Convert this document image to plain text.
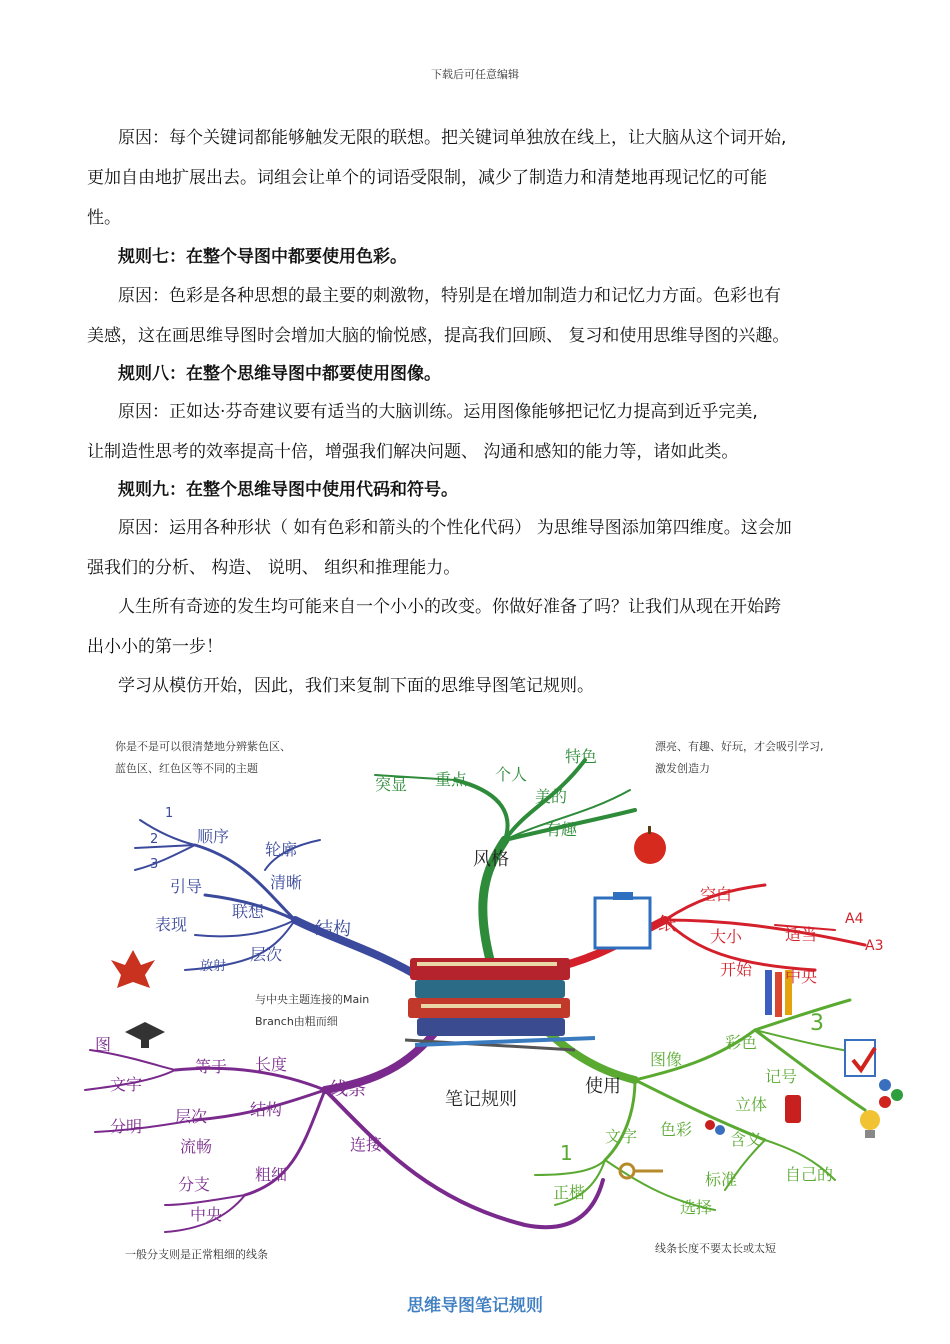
下载后可任意编辑
原因：每个关键词都能够触发无限的联想。把关键词单独放在线上，让大脑从这个词开始,
更加自由地扩展出去。词组会让单个的词语受限制，减少了制造力和清楚地再现记忆的可能
性。
规则七：在整个导图中都要使用色彩。
原因：色彩是各种思想的最主要的刺激物，特别是在增加制造力和记忆力方面。色彩也有
美感，这在画思维导图时会增加大脑的愉悦感，提高我们回顾、 复习和使用思维导图的兴趣。
规则八：在整个思维导图中都要使用图像。
原因：正如达·芬奇建议要有适当的大脑训练。运用图像能够把记忆力提高到近乎完美,
让制造性思考的效率提高十倍，增强我们解决问题、 沟通和感知的能力等，诸如此类。
规则九：在整个思维导图中使用代码和符号。
原因：运用各种形状（ 如有色彩和箭头的个性化代码） 为思维导图添加第四维度。这会加
强我们的分析、 构造、 说明、 组织和推理能力。
人生所有奇迹的发生均可能来自一个小小的改变。你做好准备了吗？让我们从现在开始跨
出小小的第一步！
学习从模仿开始，因此，我们来复制下面的思维导图笔记规则。
笔记规则
你是不是可以很清楚地分辨紫色区、
蓝色区、红色区等不同的主题
漂亮、有趣、好玩，才会吸引学习,
激发创造力
与中央主题连接的Main
Branch由粗而细
一般分支则是正常粗细的线条	线条长度不要太长或太短
风格
突显 重点 个人
特色
美的
有趣
结构
1
2
3
顺序
轮廓
清晰
引导
联想
表现
放射
层次
纸
空白
大小	适当
A4
A3
开始 中央
线条
图
文字
等于 长度
分明
层次	结构
流畅
分支
粗细
中央
连接
使用
图像
彩色
3
记号
立体
文字
1
色彩
含义
自己的
正楷
标准
选择
思维导图笔记规则
